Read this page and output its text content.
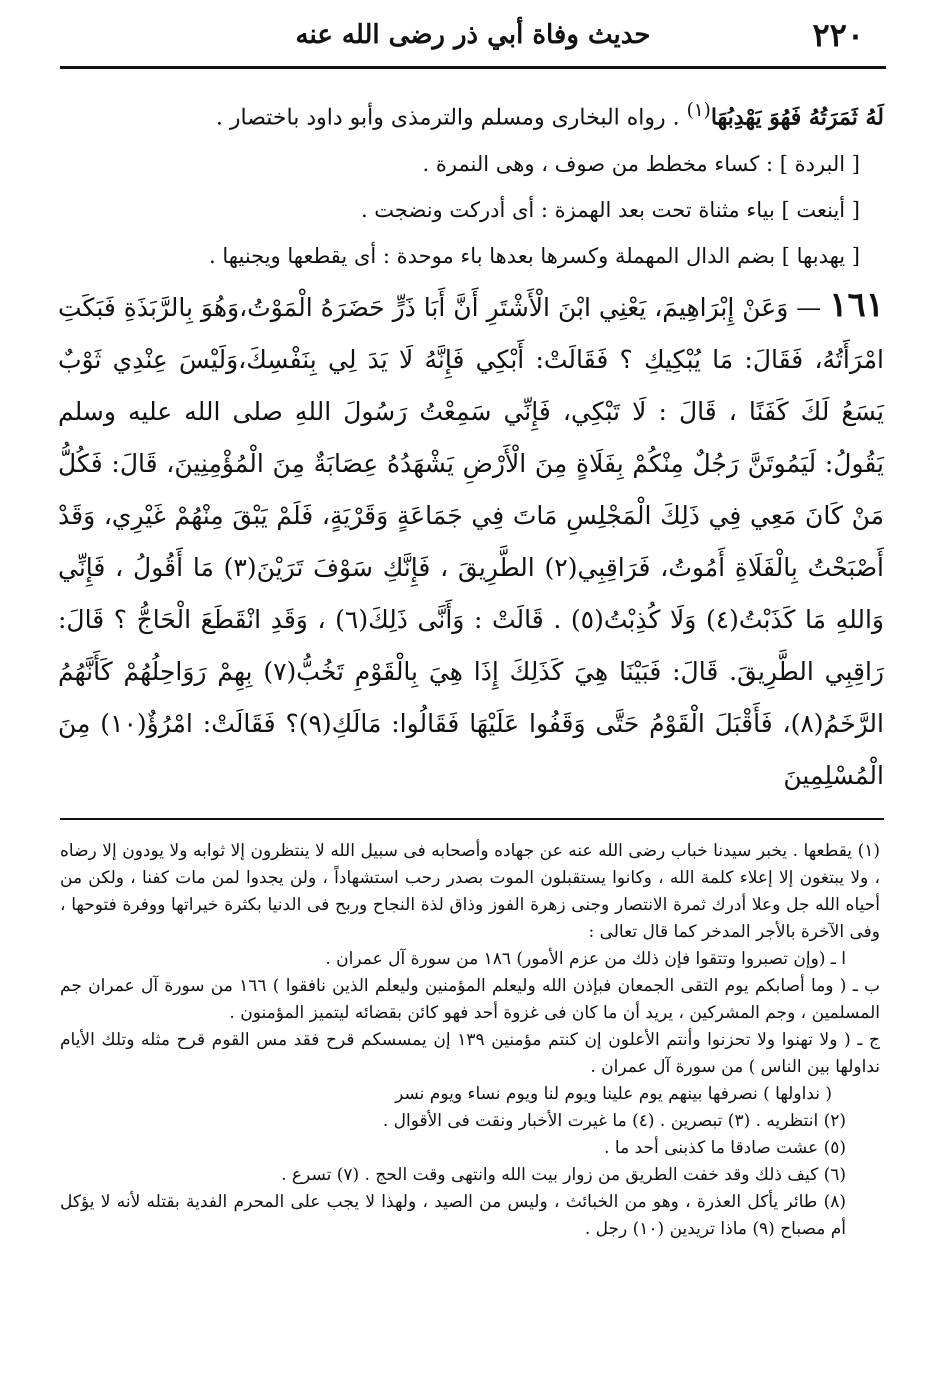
٢٢٠
حديث وفاة أبي ذر رضى الله عنه

لَهُ ثَمَرَتُهُ فَهُوَ يَهْدِبُهَا$^{(١)}$ . رواه البخارى ومسلم والترمذى وأبو داود باختصار .

[ البردة ] : كساء مخطط من صوف ، وهى النمرة .

[ أينعت ] بياء مثناة تحت بعد الهمزة : أى أدركت ونضجت .

[ يهدبها ] بضم الدال المهملة وكسرها بعدها باء موحدة : أى يقطعها ويجنيها .

١٦١ — وَعَنْ إِبْرَاهِيمَ، يَعْنِي ابْنَ الْأَشْتَرِ أَنَّ أَبَا ذَرٍّ حَضَرَهُ الْمَوْتُ،وَهُوَ بِالرَّبَذَةِ فَبَكَتِ امْرَأَتُهُ، فَقَالَ: مَا يُبْكِيكِ ؟ فَقَالَتْ: أَبْكِي فَإِنَّهُ لَا يَدَ لِي بِنَفْسِكَ،وَلَيْسَ عِنْدِي ثَوْبٌ يَسَعُ لَكَ كَفَنًا ، قَالَ : لَا تَبْكِي، فَإِنِّي سَمِعْتُ رَسُولَ اللهِ صلى الله عليه وسلم يَقُولُ: لَيَمُوتَنَّ رَجُلٌ مِنْكُمْ بِفَلَاةٍ مِنَ الْأَرْضِ يَشْهَدُهُ عِصَابَةٌ مِنَ الْمُؤْمِنِينَ، قَالَ: فَكُلُّ مَنْ كَانَ مَعِي فِي ذَلِكَ الْمَجْلِسِ مَاتَ فِي جَمَاعَةٍ وَقَرْيَةٍ، فَلَمْ يَبْقَ مِنْهُمْ غَيْرِي، وَقَدْ أَصْبَحْتُ بِالْفَلَاةِ أَمُوتُ، فَرَاقِبِي(٢) الطَّرِيقَ ، فَإِنَّكِ سَوْفَ تَرَيْنَ(٣) مَا أَقُولُ ، فَإِنِّي وَاللهِ مَا كَذَبْتُ(٤) وَلَا كُذِبْتُ(٥) . قَالَتْ : وَأَنَّى ذَلِكَ(٦) ، وَقَدِ انْقَطَعَ الْحَاجُّ ؟ قَالَ: رَاقِبِي الطَّرِيقَ. قَالَ: فَبَيْنَا هِيَ كَذَلِكَ إِذَا هِيَ بِالْقَوْمِ تَخُبُّ(٧) بِهِمْ رَوَاحِلُهُمْ كَأَنَّهُمُ الرَّخَمُ(٨)، فَأَقْبَلَ الْقَوْمُ حَتَّى وَقَفُوا عَلَيْهَا فَقَالُوا: مَالَكِ(٩)؟ فَقَالَتْ: امْرُؤٌ(١٠) مِنَ الْمُسْلِمِينَ

(١) يقطعها . يخبر سيدنا خباب رضى الله عنه عن جهاده وأصحابه فى سبيل الله لا ينتظرون إلا ثوابه ولا يودون إلا رضاه ، ولا يبتغون إلا إعلاء كلمة الله ، وكانوا يستقبلون الموت بصدر رحب استشهاداً ، ولن يجدوا لمن مات كفنا ، ولكن من أحياه الله جل وعلا أدرك ثمرة الانتصار وجنى زهرة الفوز وذاق لذة النجاح وربح فى الدنيا بكثرة خيراتها ووفرة فتوحها ، وفى الآخرة بالأجر المدخر كما قال تعالى :

ا ـ (وإن تصبروا وتتقوا فإن ذلك من عزم الأمور) ١٨٦ من سورة آل عمران .

ب ـ ( وما أصابكم يوم التقى الجمعان فبإذن الله وليعلم المؤمنين وليعلم الذين نافقوا ) ١٦٦ من سورة آل عمران جم المسلمين ، وجم المشركين ، يريد أن ما كان فى غزوة أحد فهو كائن بقضائه ليتميز المؤمنون .

ج ـ ( ولا تهنوا ولا تحزنوا وأنتم الأعلون إن كنتم مؤمنين ١٣٩ إن يمسسكم قرح فقد مس القوم قرح مثله وتلك الأيام نداولها بين الناس ) من سورة آل عمران .

( نداولها ) نصرفها بينهم يوم علينا ويوم لنا ويوم نساء ويوم نسر

(٢) انتظريه . (٣) تبصرين . (٤) ما غيرت الأخبار ونقت فى الأقوال .

(٥) عشت صادقا ما كذبنى أحد ما .

(٦) كيف ذلك وقد خفت الطريق من زوار بيت الله وانتهى وقت الحج . (٧) تسرع .

(٨) طائر يأكل العذرة ، وهو من الخبائث ، وليس من الصيد ، ولهذا لا يجب على المحرم الفدية بقتله لأنه لا يؤكل أم مصباح (٩) ماذا تريدين (١٠) رجل .
